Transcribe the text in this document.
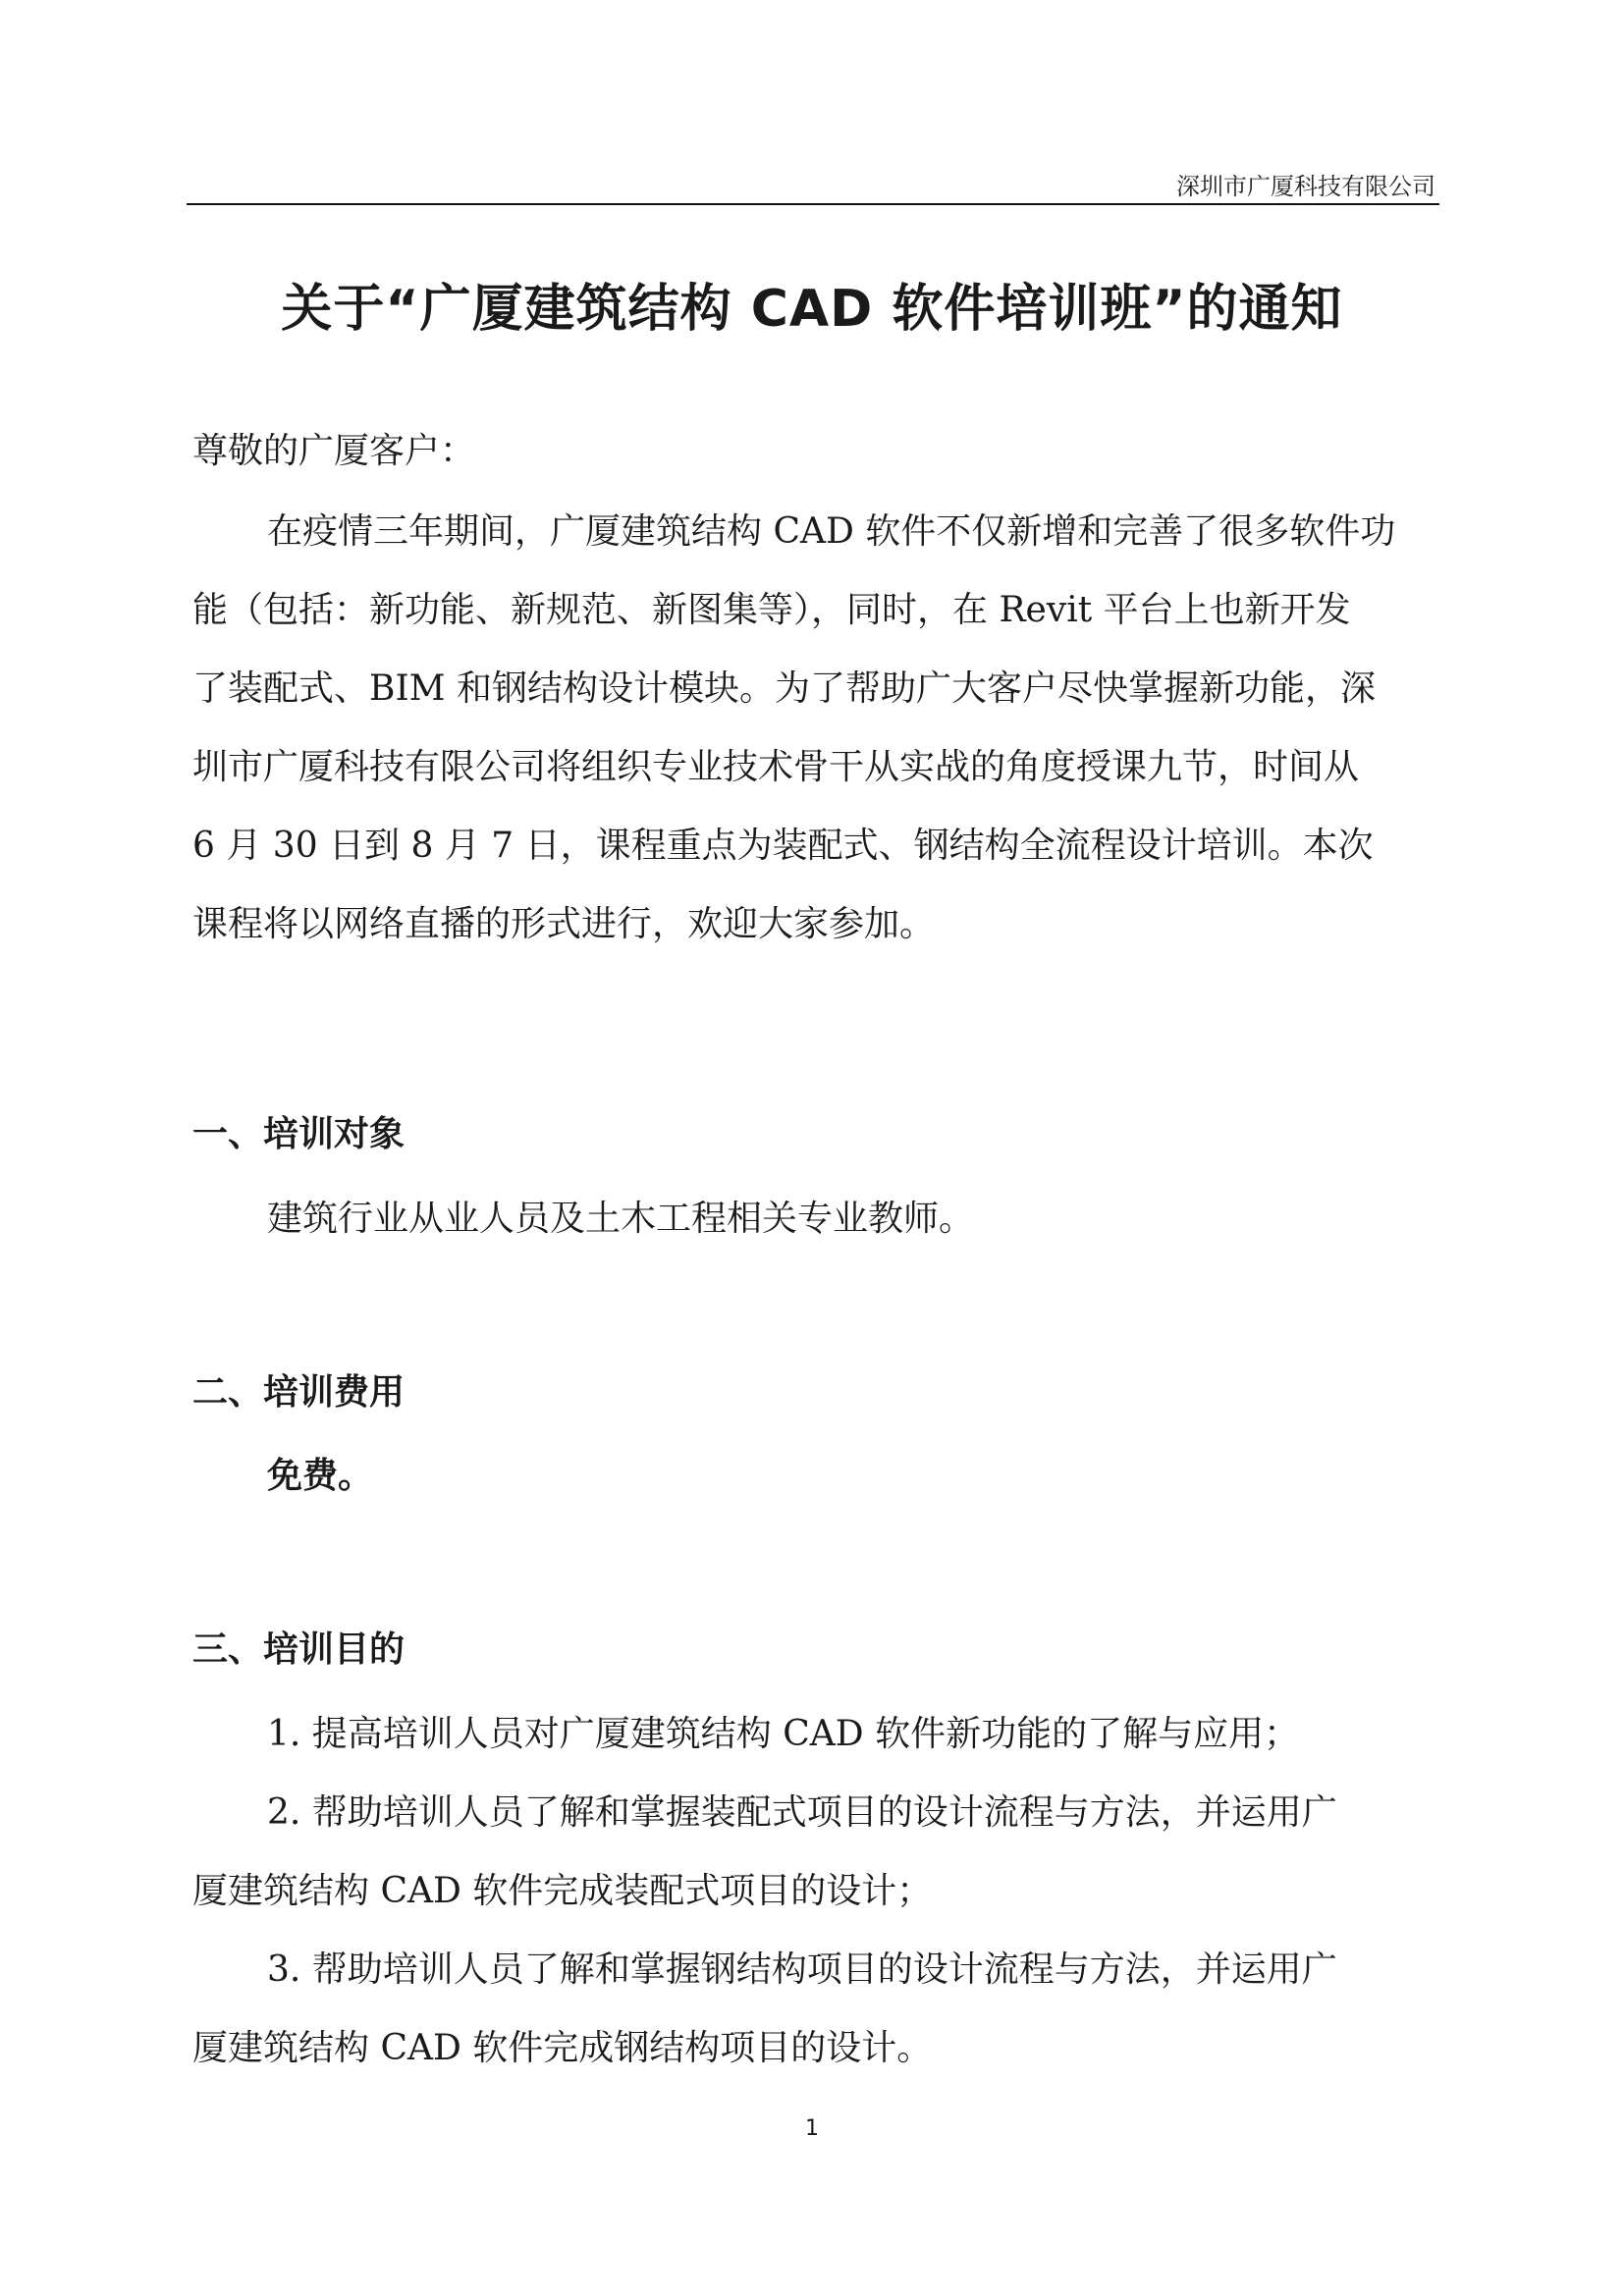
深圳市广厦科技有限公司
关于“广厦建筑结构 CAD 软件培训班”的通知
尊敬的广厦客户：
在疫情三年期间，广厦建筑结构 CAD 软件不仅新增和完善了很多软件功
能（包括：新功能、新规范、新图集等），同时，在 Revit 平台上也新开发
了装配式、BIM 和钢结构设计模块。为了帮助广大客户尽快掌握新功能，深
圳市广厦科技有限公司将组织专业技术骨干从实战的角度授课九节，时间从
6 月 30 日到 8 月 7 日，课程重点为装配式、钢结构全流程设计培训。本次
课程将以网络直播的形式进行，欢迎大家参加。
一、培训对象
建筑行业从业人员及土木工程相关专业教师。
二、培训费用
免费。
三、培训目的
1. 提高培训人员对广厦建筑结构 CAD 软件新功能的了解与应用；
2. 帮助培训人员了解和掌握装配式项目的设计流程与方法，并运用广
厦建筑结构 CAD 软件完成装配式项目的设计；
3. 帮助培训人员了解和掌握钢结构项目的设计流程与方法，并运用广
厦建筑结构 CAD 软件完成钢结构项目的设计。
1
